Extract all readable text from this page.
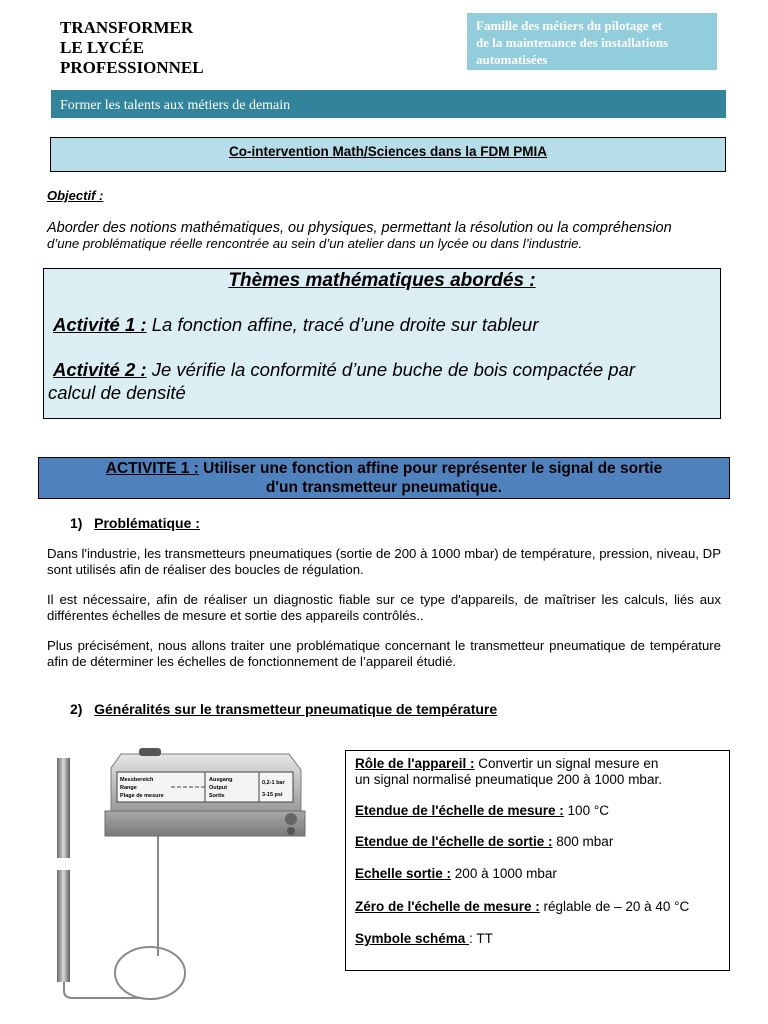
TRANSFORMER
LE LYCÉE
PROFESSIONNEL
Famille des métiers du pilotage et
de la maintenance des installations
automatisées
Former les talents aux métiers de demain
Co-intervention Math/Sciences dans la FDM PMIA
Objectif :
Aborder des notions mathématiques, ou physiques, permettant la résolution ou la compréhension
d’une problématique réelle rencontrée au sein d’un atelier dans un lycée ou dans l’industrie.
Thèmes mathématiques abordés :
Activité 1 : La fonction affine, tracé d’une droite sur tableur
Activité 2 : Je vérifie la conformité d’une buche de bois compactée par
calcul de densité
ACTIVITE 1 : Utiliser une fonction affine pour représenter le signal de sortie
d'un transmetteur pneumatique.
1) Problématique :
Dans l'industrie, les transmetteurs pneumatiques (sortie de 200 à 1000 mbar) de température, pression, niveau, DP sont utilisés afin de réaliser des boucles de régulation.
Il est nécessaire, afin de réaliser un diagnostic fiable sur ce type d'appareils, de maîtriser les calculs, liés aux différentes échelles de mesure et sortie des appareils contrôlés..
Plus précisément, nous allons traiter une problématique concernant le transmetteur pneumatique de température afin de déterminer les échelles de fonctionnement de l’appareil étudié.
2) Généralités sur le transmetteur pneumatique de température
Messbereich
Range
Plage de mesure
Ausgang
Output
Sortie
0,2-1 bar
3-15 psi
Rôle de l'appareil : Convertir un signal mesure en
un signal normalisé pneumatique 200 à 1000 mbar.
Etendue de l'échelle de mesure : 100 °C
Etendue de l'échelle de sortie : 800 mbar
Echelle sortie : 200 à 1000 mbar
Zéro de l'échelle de mesure : réglable de – 20 à 40 °C
Symbole schéma : TT
